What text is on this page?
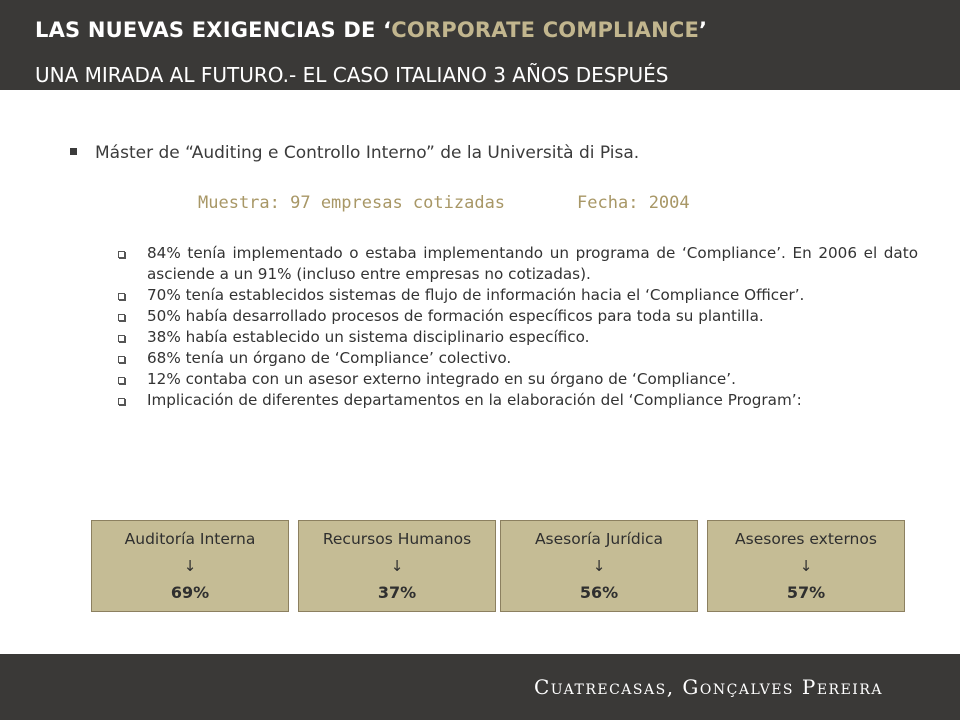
LAS NUEVAS EXIGENCIAS DE ‘CORPORATE COMPLIANCE’
UNA MIRADA AL FUTURO.- EL CASO ITALIANO 3 AÑOS DESPUÉS
Máster de “Auditing e Controllo Interno” de la Università di Pisa.
Muestra: 97 empresas cotizadas	Fecha: 2004
84% tenía implementado o estaba implementando un programa de ‘Compliance’. En 2006 el dato asciende a un 91% (incluso entre empresas no cotizadas).
70% tenía establecidos sistemas de flujo de información hacia el ‘Compliance Officer’.
50% había desarrollado procesos de formación específicos para toda su plantilla.
38% había establecido un sistema disciplinario específico.
68% tenía un órgano de ‘Compliance’ colectivo.
12% contaba con un asesor externo integrado en su órgano de ‘Compliance’.
Implicación de diferentes departamentos en la elaboración del ‘Compliance Program’:
Auditoría Interna
↓
69%
Recursos Humanos
↓
37%
Asesoría Jurídica
↓
56%
Asesores externos
↓
57%
Cuatrecasas, Gonçalves Pereira
